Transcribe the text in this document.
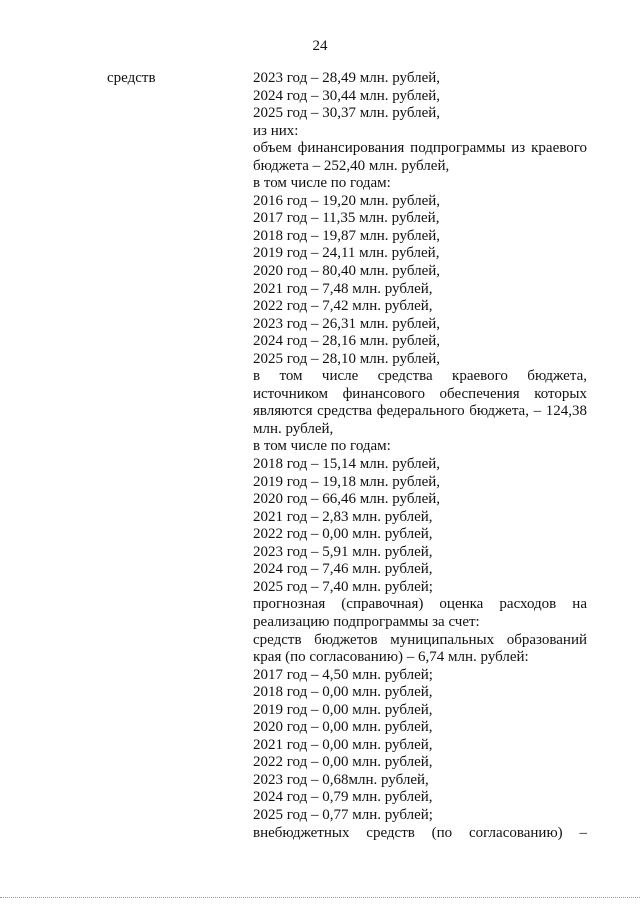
24
средств	2023 год – 28,49 млн. рублей,
2024 год – 30,44 млн. рублей,
2025 год – 30,37 млн. рублей,
из них:
объем финансирования подпрограммы из краевого
бюджета – 252,40 млн. рублей,
в том числе по годам:
2016 год – 19,20 млн. рублей,
2017 год – 11,35 млн. рублей,
2018 год – 19,87 млн. рублей,
2019 год – 24,11 млн. рублей,
2020 год – 80,40 млн. рублей,
2021 год – 7,48 млн. рублей,
2022 год – 7,42 млн. рублей,
2023 год – 26,31 млн. рублей,
2024 год – 28,16 млн. рублей,
2025 год – 28,10 млн. рублей,
в том числе средства краевого бюджета,
источником финансового обеспечения которых
являются средства федерального бюджета, – 124,38
млн. рублей,
в том числе по годам:
2018 год – 15,14 млн. рублей,
2019 год – 19,18 млн. рублей,
2020 год – 66,46 млн. рублей,
2021 год – 2,83 млн. рублей,
2022 год – 0,00 млн. рублей,
2023 год – 5,91 млн. рублей,
2024 год – 7,46 млн. рублей,
2025 год – 7,40 млн. рублей;
прогнозная (справочная) оценка расходов на
реализацию подпрограммы за счет:
средств бюджетов муниципальных образований
края (по согласованию) – 6,74 млн. рублей:
2017 год – 4,50 млн. рублей;
2018 год – 0,00 млн. рублей,
2019 год – 0,00 млн. рублей,
2020 год – 0,00 млн. рублей,
2021 год – 0,00 млн. рублей,
2022 год – 0,00 млн. рублей,
2023 год – 0,68млн. рублей,
2024 год – 0,79 млн. рублей,
2025 год – 0,77 млн. рублей;
внебюджетных средств (по согласованию) –
